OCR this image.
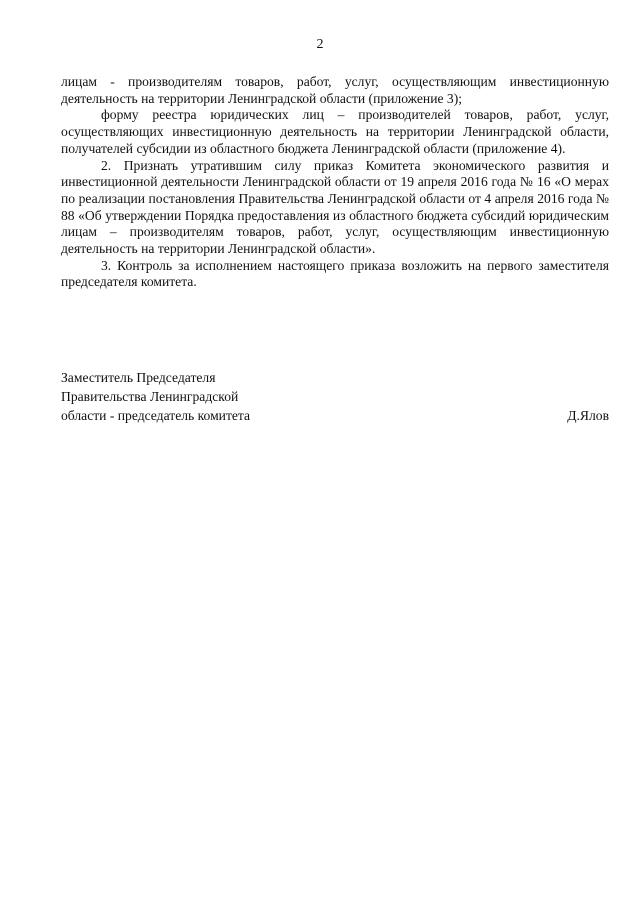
2

лицам - производителям товаров, работ, услуг, осуществляющим инвестиционную деятельность на территории Ленинградской области (приложение 3);

форму реестра юридических лиц – производителей товаров, работ, услуг, осуществляющих инвестиционную деятельность на территории Ленинградской области, получателей субсидии из областного бюджета Ленинградской области (приложение 4).

2. Признать утратившим силу приказ Комитета экономического развития и инвестиционной деятельности Ленинградской области от 19 апреля 2016 года № 16 «О мерах по реализации постановления Правительства Ленинградской области от 4 апреля 2016 года № 88 «Об утверждении Порядка предоставления из областного бюджета субсидий юридическим лицам – производителям товаров, работ, услуг, осуществляющим инвестиционную деятельность на территории Ленинградской области».

3. Контроль за исполнением настоящего приказа возложить на первого заместителя председателя комитета.

Заместитель Председателя
Правительства Ленинградской
области - председатель комитета	Д.Ялов
